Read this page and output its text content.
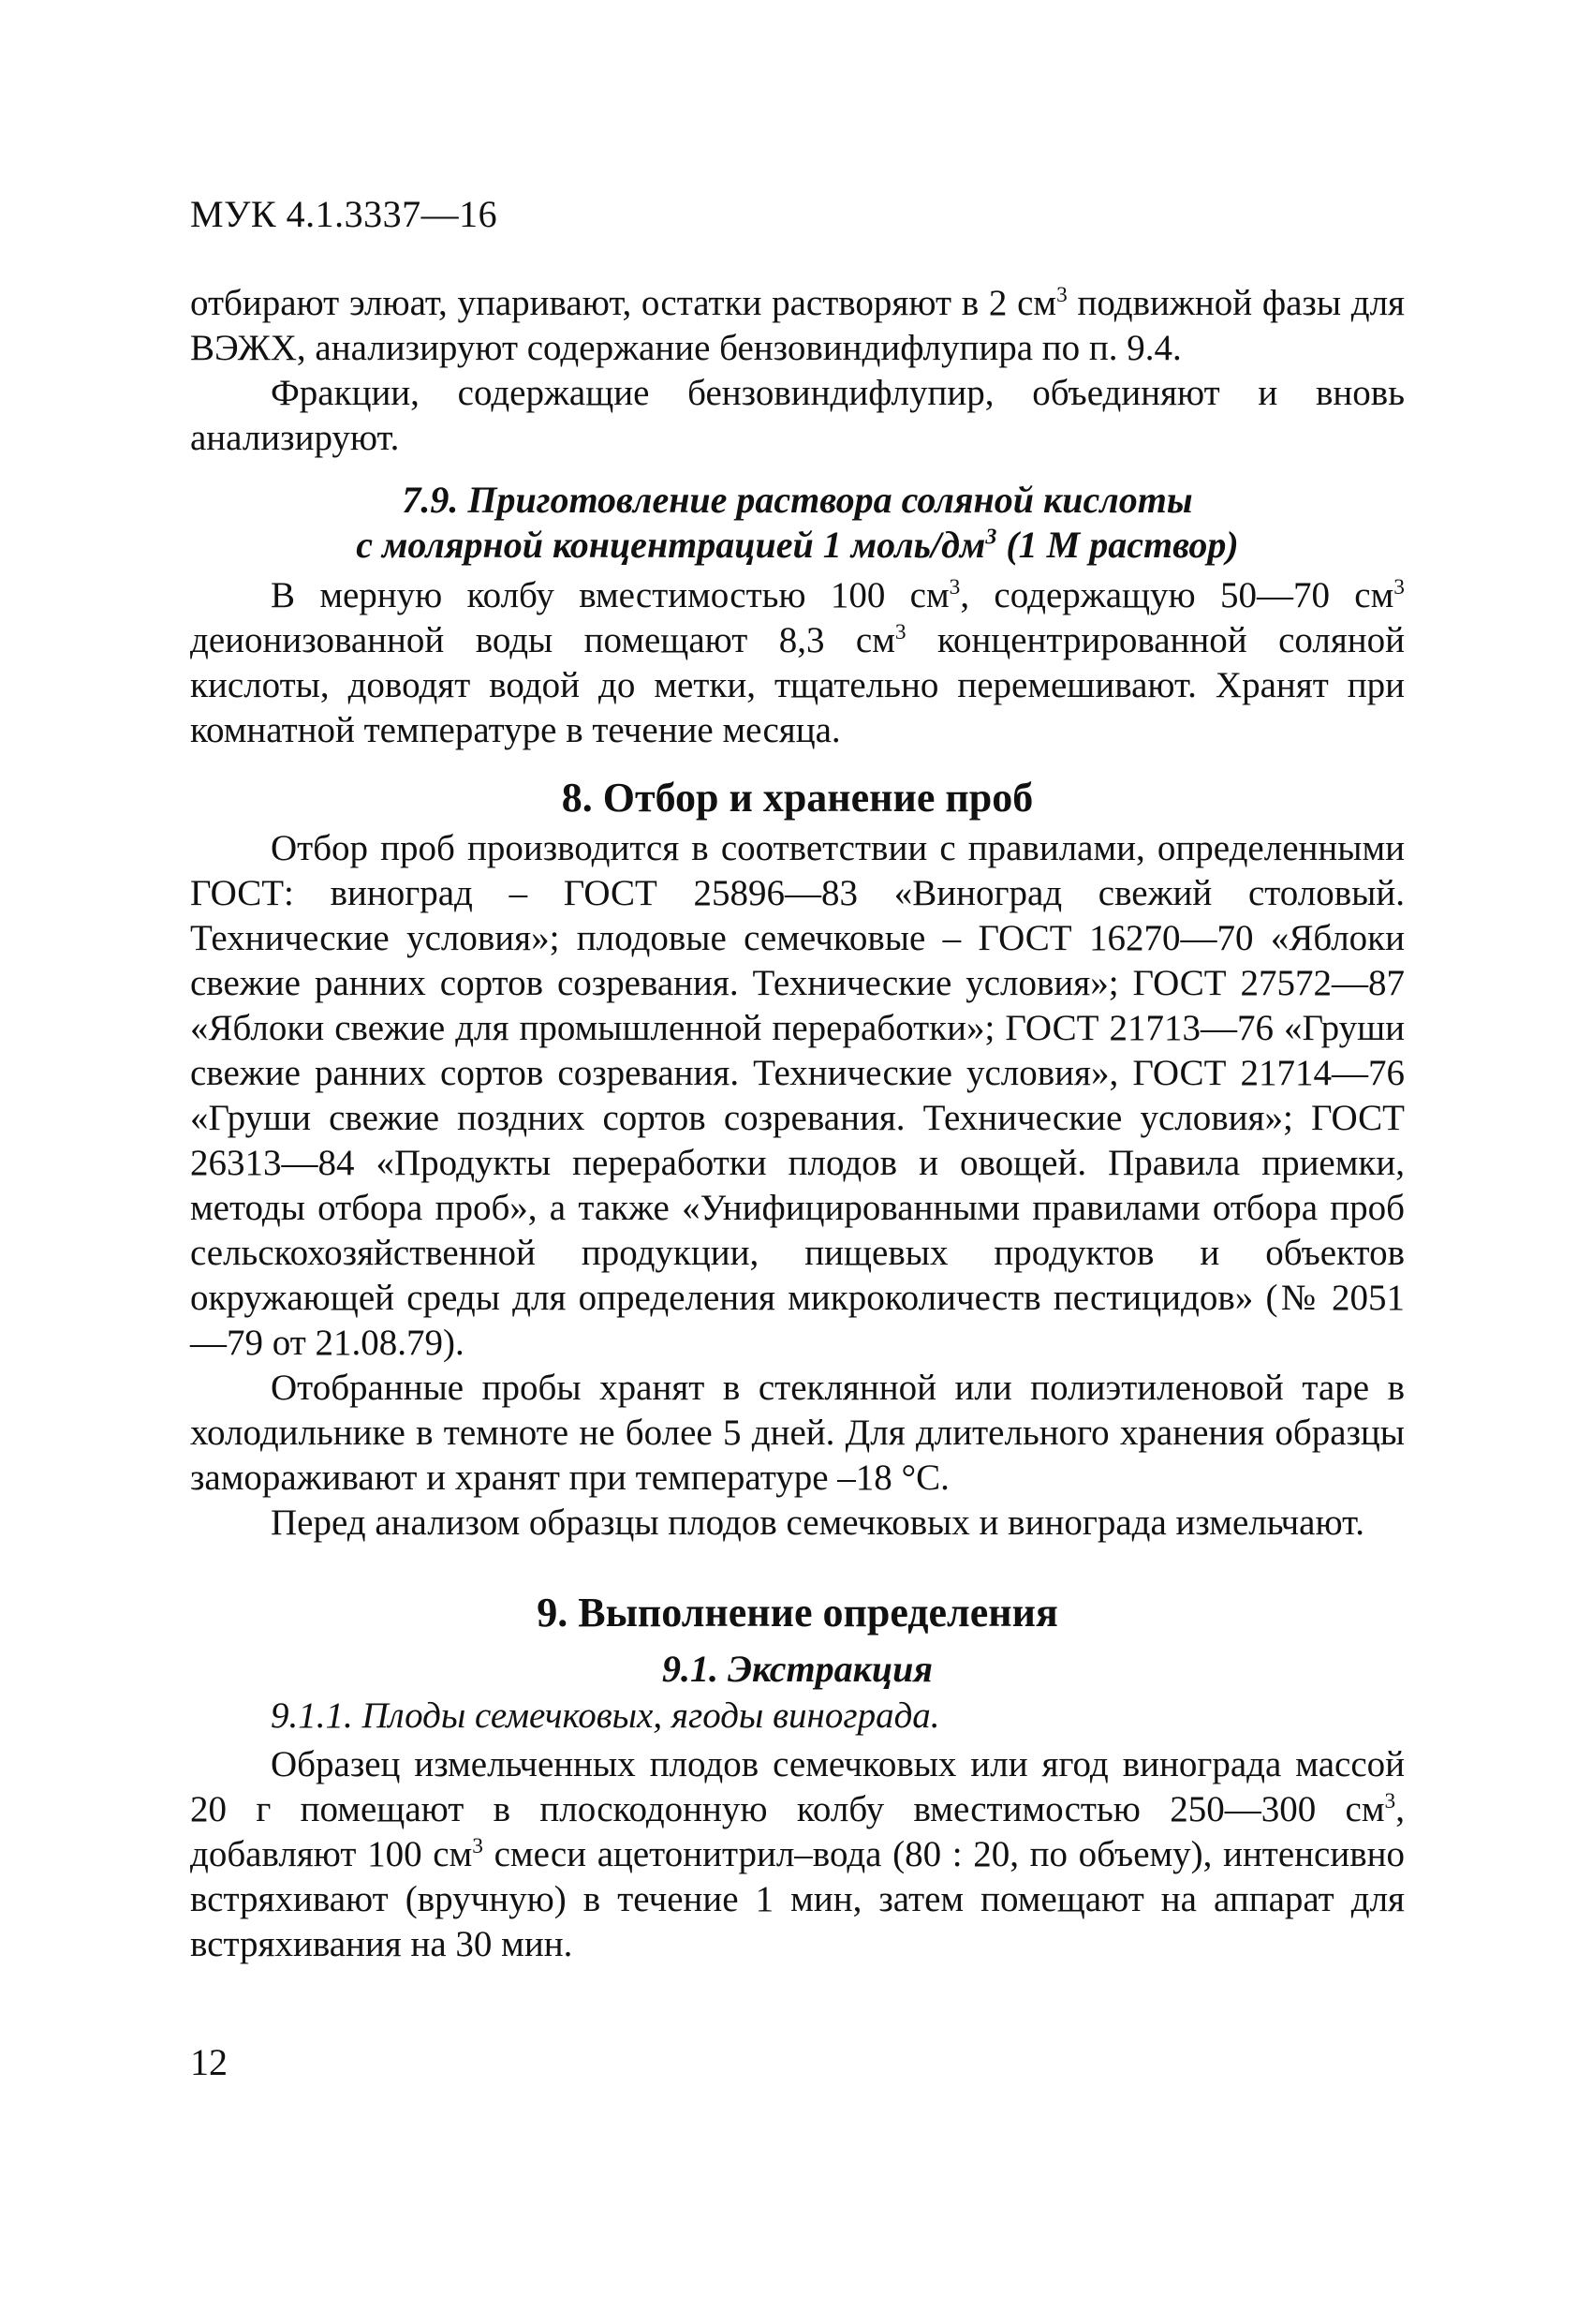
МУК 4.1.3337—16

отбирают элюат, упаривают, остатки растворяют в 2 $см^3$ подвижной фазы для ВЭЖХ, анализируют содержание бензовиндифлупира по п. 9.4.

Фракции, содержащие бензовиндифлупир, объединяют и вновь анализируют.

7.9. Приготовление раствора соляной кислоты
с молярной концентрацией 1 моль/$дм^3$ (1 М раствор)

В мерную колбу вместимостью 100 $см^3$, содержащую 50—70 $см^3$ деионизованной воды помещают 8,3 $см^3$ концентрированной соляной кислоты, доводят водой до метки, тщательно перемешивают. Хранят при комнатной температуре в течение месяца.

8. Отбор и хранение проб

Отбор проб производится в соответствии с правилами, определенными ГОСТ: виноград – ГОСТ 25896—83 «Виноград свежий столовый. Технические условия»; плодовые семечковые – ГОСТ 16270—70 «Яблоки свежие ранних сортов созревания. Технические условия»; ГОСТ 27572—87 «Яблоки свежие для промышленной переработки»; ГОСТ 21713—76 «Груши свежие ранних сортов созревания. Технические условия», ГОСТ 21714—76 «Груши свежие поздних сортов созревания. Технические условия»; ГОСТ 26313—84 «Продукты переработки плодов и овощей. Правила приемки, методы отбора проб», а также «Унифицированными правилами отбора проб сельскохозяйственной продукции, пищевых продуктов и объектов окружающей среды для определения микроколичеств пестицидов» (№ 2051—79 от 21.08.79).

Отобранные пробы хранят в стеклянной или полиэтиленовой таре в холодильнике в темноте не более 5 дней. Для длительного хранения образцы замораживают и хранят при температуре –18 °С.

Перед анализом образцы плодов семечковых и винограда измельчают.

9. Выполнение определения
9.1. Экстракция
9.1.1. Плоды семечковых, ягоды винограда.

Образец измельченных плодов семечковых или ягод винограда массой 20 г помещают в плоскодонную колбу вместимостью 250—300 $см^3$, добавляют 100 $см^3$ смеси ацетонитрил–вода (80 : 20, по объему), интенсивно встряхивают (вручную) в течение 1 мин, затем помещают на аппарат для встряхивания на 30 мин.

12
